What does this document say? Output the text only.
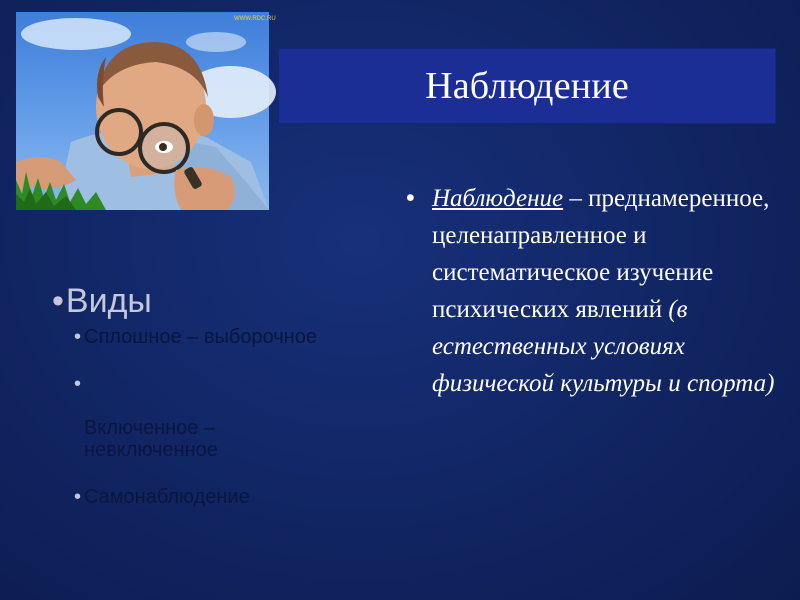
WWW.RDC.RU
Наблюдение
• Виды
• Сплошное – выборочное

•

Включенное –
невключенное

• Самонаблюдение
• Наблюдение – преднамеренное, целенаправленное и систематическое изучение психических явлений (в естественных условиях физической культуры и спорта)
